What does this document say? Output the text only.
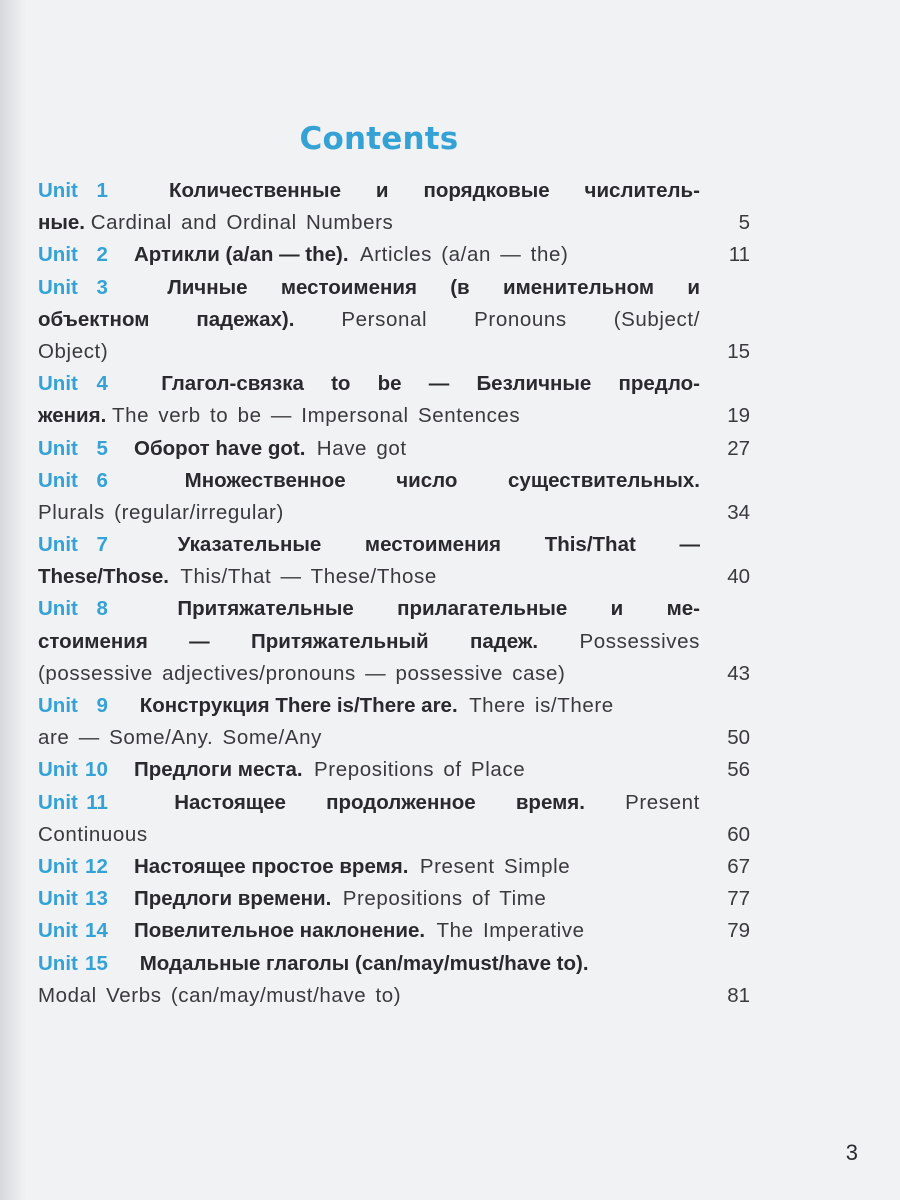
Contents
Unit 1	Количественные и порядковые числитель-
ные.
Cardinal and Ordinal Numbers .....	5
Unit 2	Артикли (a/an — the).
Articles (a/an — the) .....	11
Unit 3	Личные местоимения (в именительном и
объектном падежах). Personal Pronouns (Subject/
Object) .....	15
Unit 4	Глагол-связка to be — Безличные предло-
жения.
The verb to be — Impersonal Sentences .....	19
Unit 5	Оборот have got.
Have got .....	27
Unit 6	Множественное число существительных.
Plurals (regular/irregular) .....	34
Unit 7	Указательные местоимения This/That —
These/Those.
This/That — These/Those .....	40
Unit 8	Притяжательные прилагательные и ме-
стоимения — Притяжательный падеж. Possessives
(possessive adjectives/pronouns — possessive case) .....	43
Unit 9 Конструкция There is/There are. There is/There
are — Some/Any. Some/Any .....	50
Unit 10	Предлоги места.
Prepositions of Place .....	56
Unit 11	Настоящее продолженное время. Present
Continuous .....	60
Unit 12	Настоящее простое время.
Present Simple .....	67
Unit 13	Предлоги времени.
Prepositions of Time .....	77
Unit 14	Повелительное наклонение.
The Imperative .....	79
Unit 15 Модальные глаголы (can/may/must/have to).
Modal Verbs (can/may/must/have to) .....	81
3
